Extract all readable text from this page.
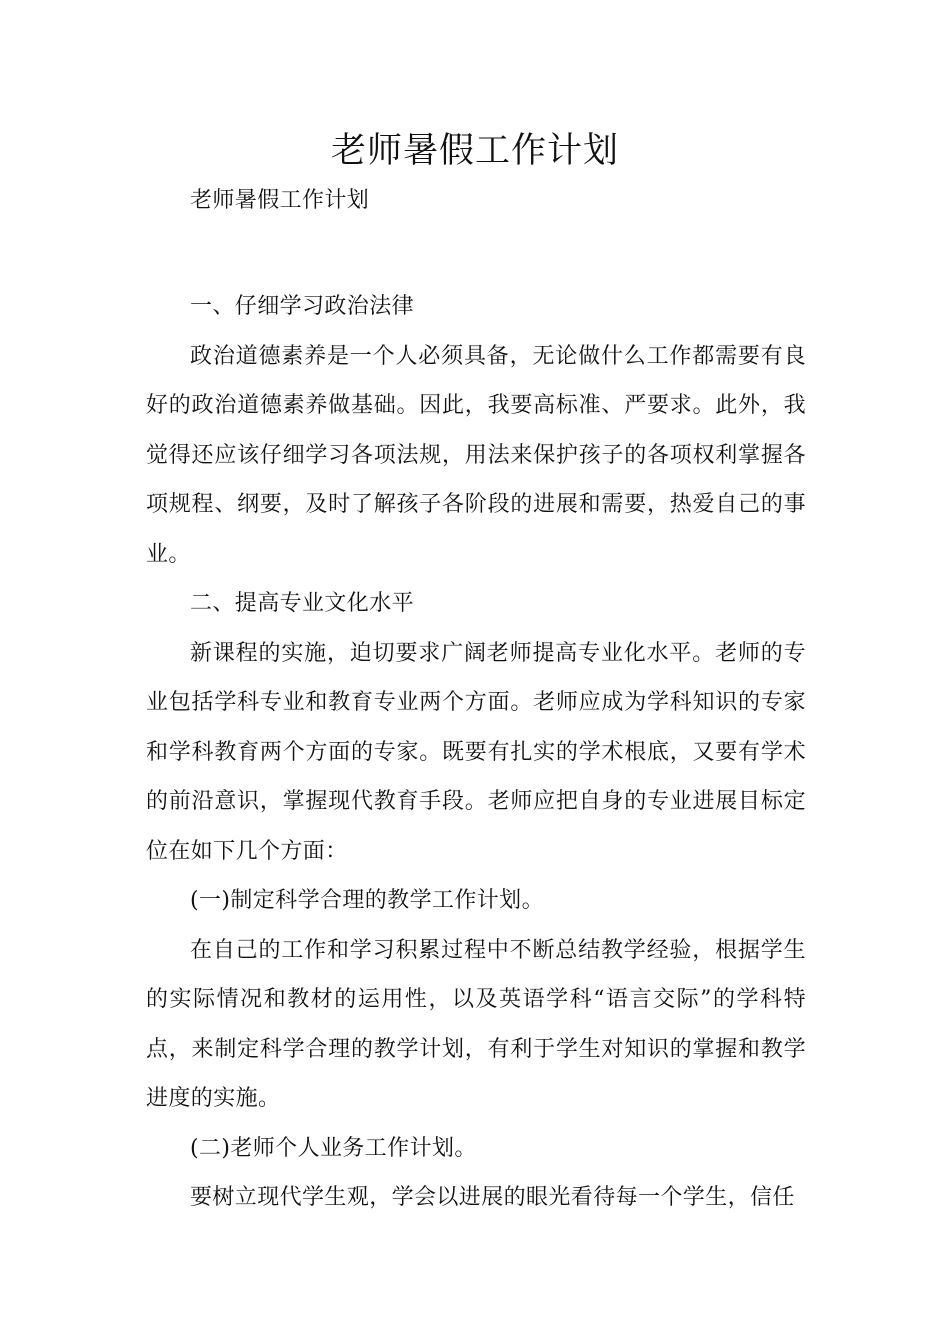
老师暑假工作计划

老师暑假工作计划

一、仔细学习政治法律

政治道德素养是一个人必须具备，无论做什么工作都需要有良好的政治道德素养做基础。因此，我要高标准、严要求。此外，我觉得还应该仔细学习各项法规，用法来保护孩子的各项权利掌握各项规程、纲要，及时了解孩子各阶段的进展和需要，热爱自己的事业。

二、提高专业文化水平

新课程的实施，迫切要求广阔老师提高专业化水平。老师的专业包括学科专业和教育专业两个方面。老师应成为学科知识的专家和学科教育两个方面的专家。既要有扎实的学术根底，又要有学术的前沿意识，掌握现代教育手段。老师应把自身的专业进展目标定位在如下几个方面：

(一)制定科学合理的教学工作计划。

在自己的工作和学习积累过程中不断总结教学经验，根据学生的实际情况和教材的运用性，以及英语学科“语言交际”的学科特点，来制定科学合理的教学计划，有利于学生对知识的掌握和教学进度的实施。

(二)老师个人业务工作计划。

要树立现代学生观，学会以进展的眼光看待每一个学生，信任
